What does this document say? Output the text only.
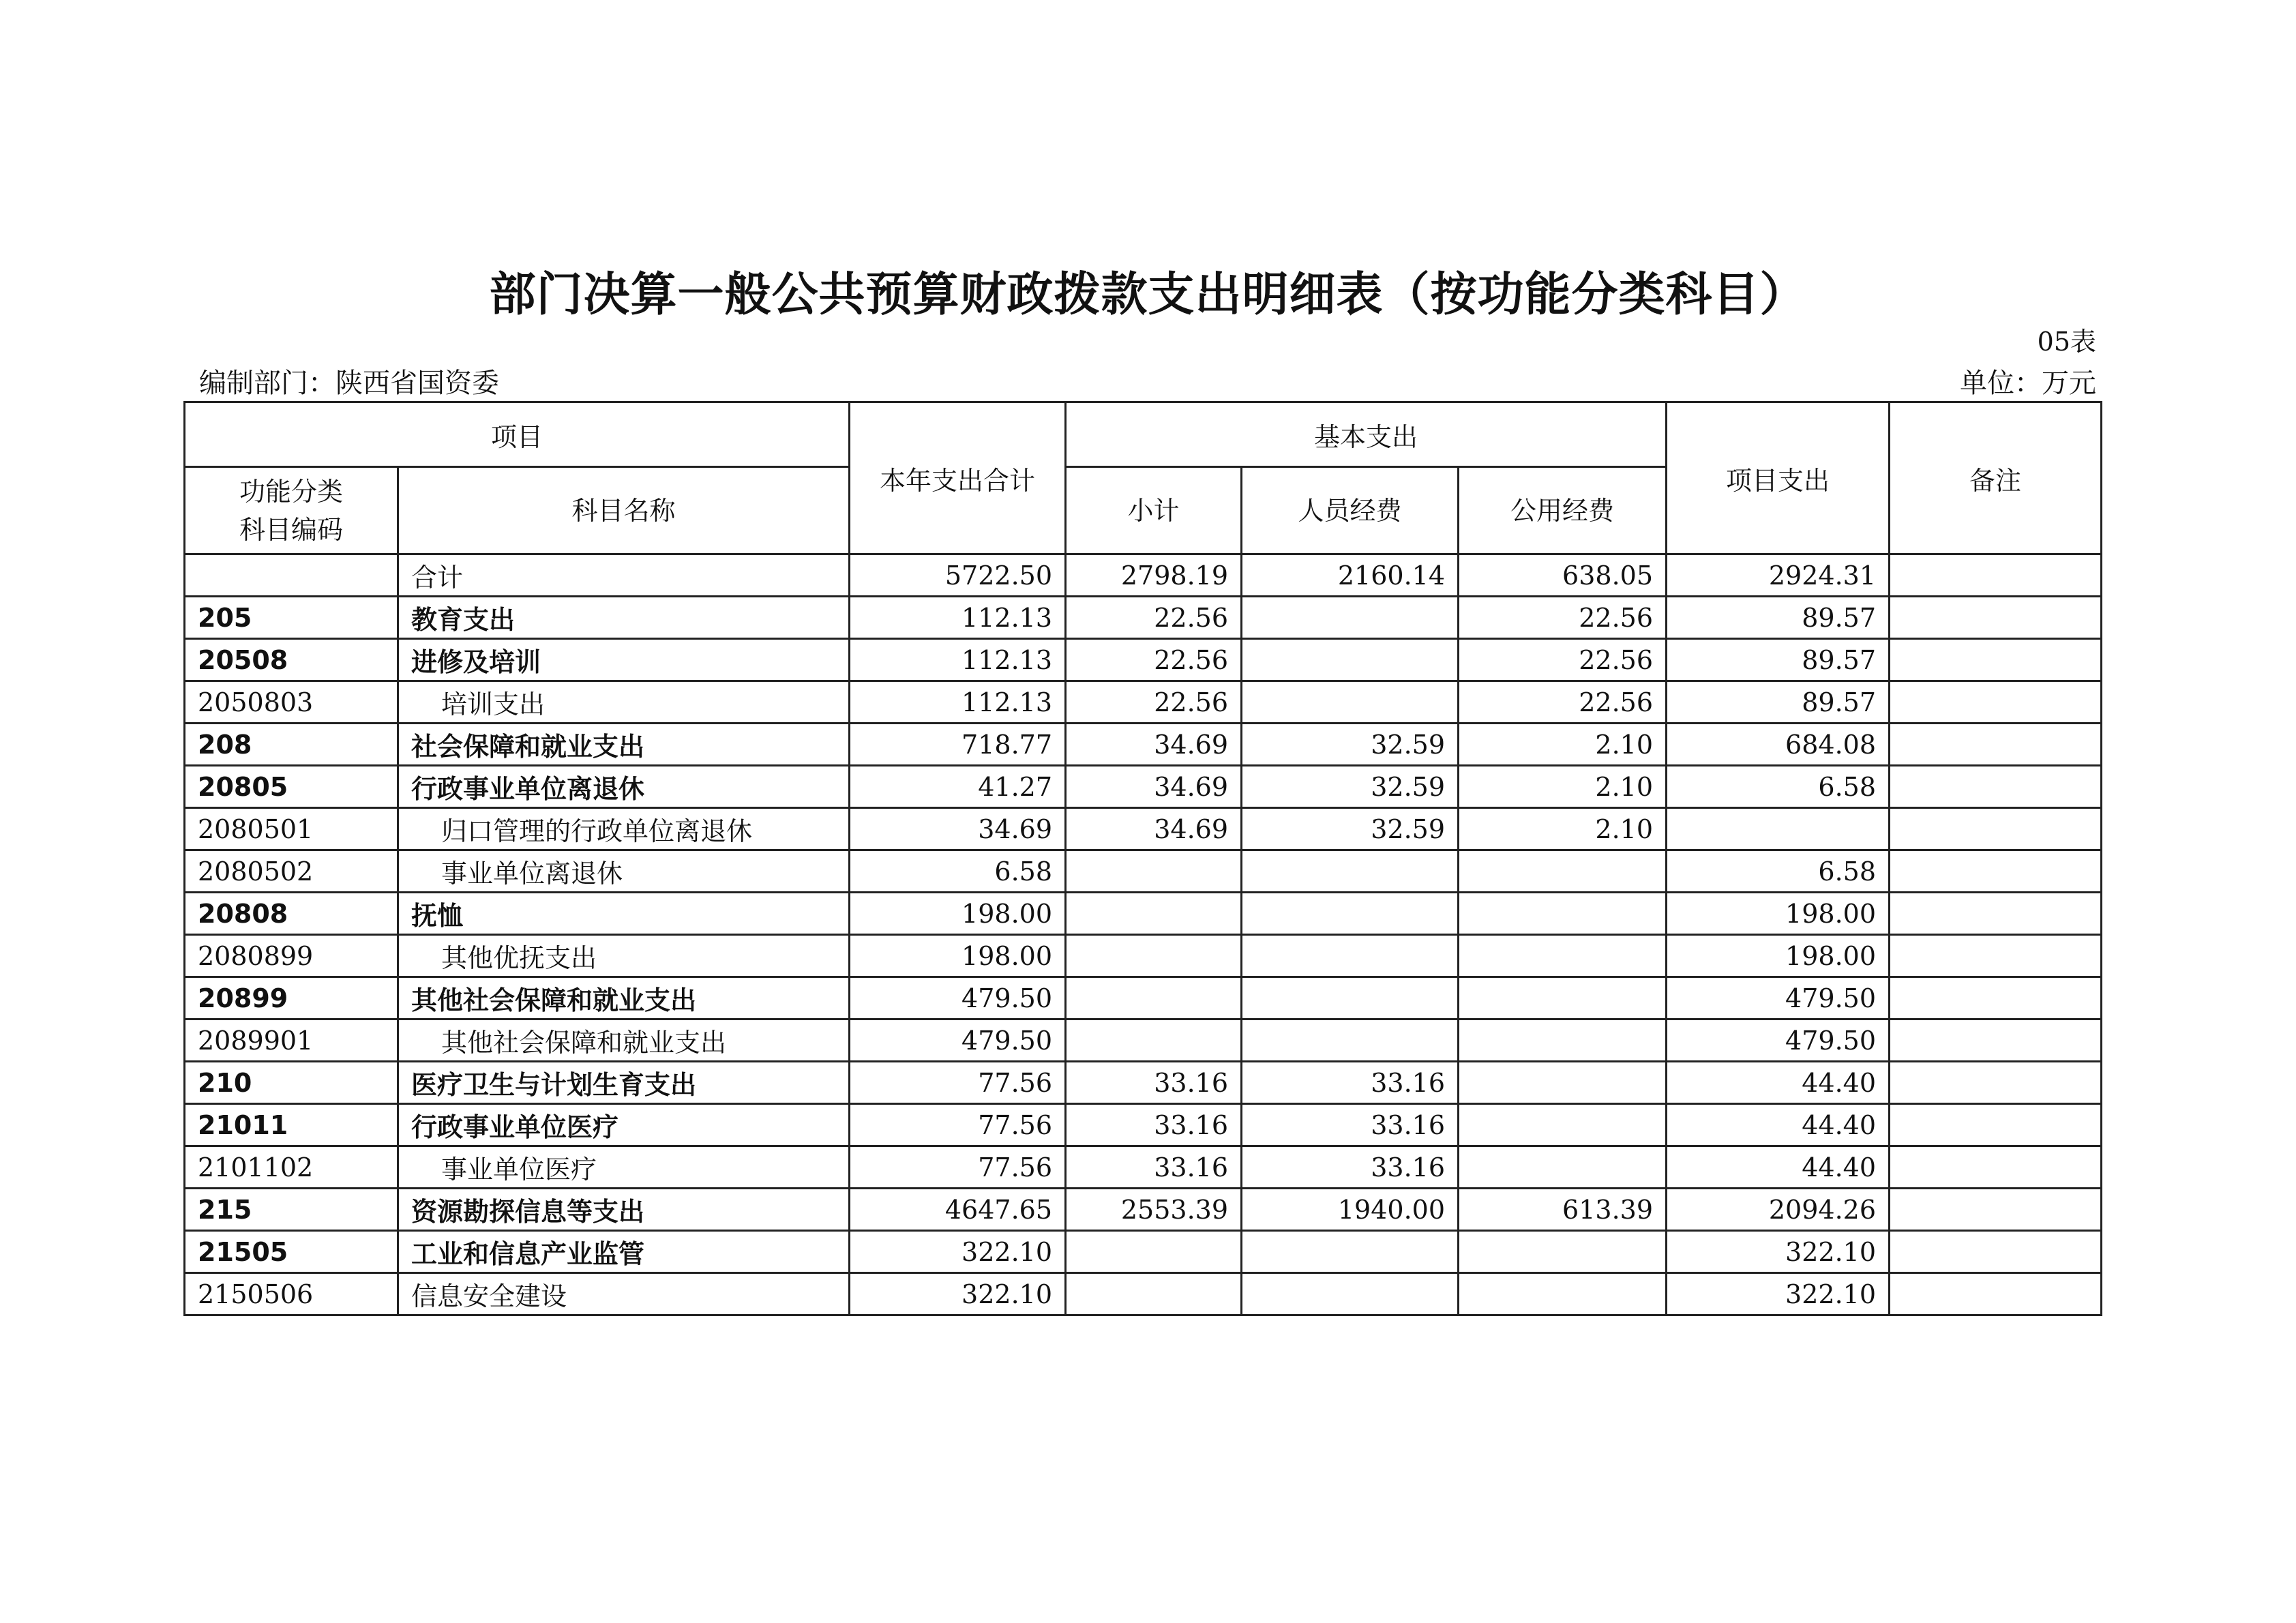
部门决算一般公共预算财政拨款支出明细表（按功能分类科目）
05表
编制部门：陕西省国资委	单位：万元
项目		本年支出合计	基本支出			项目支出	备注

功能分类
科目编码	科目名称		小计	人员经费	公用经费		
	合计	5722.50	2798.19	2160.14	638.05	2924.31	
205	教育支出	112.13	22.56		22.56	89.57	
20508	进修及培训	112.13	22.56		22.56	89.57	
2050803	培训支出	112.13	22.56		22.56	89.57	
208	社会保障和就业支出	718.77	34.69	32.59	2.10	684.08	
20805	行政事业单位离退休	41.27	34.69	32.59	2.10	6.58	
2080501	归口管理的行政单位离退休	34.69	34.69	32.59	2.10		
2080502	事业单位离退休	6.58				6.58	
20808	抚恤	198.00				198.00	
2080899	其他优抚支出	198.00				198.00	
20899	其他社会保障和就业支出	479.50				479.50	
2089901	其他社会保障和就业支出	479.50				479.50	
210	医疗卫生与计划生育支出	77.56	33.16	33.16		44.40	
21011	行政事业单位医疗	77.56	33.16	33.16		44.40	
2101102	事业单位医疗	77.56	33.16	33.16		44.40	
215	资源勘探信息等支出	4647.65	2553.39	1940.00	613.39	2094.26	
21505	工业和信息产业监管	322.10				322.10	
2150506	信息安全建设	322.10				322.10	
